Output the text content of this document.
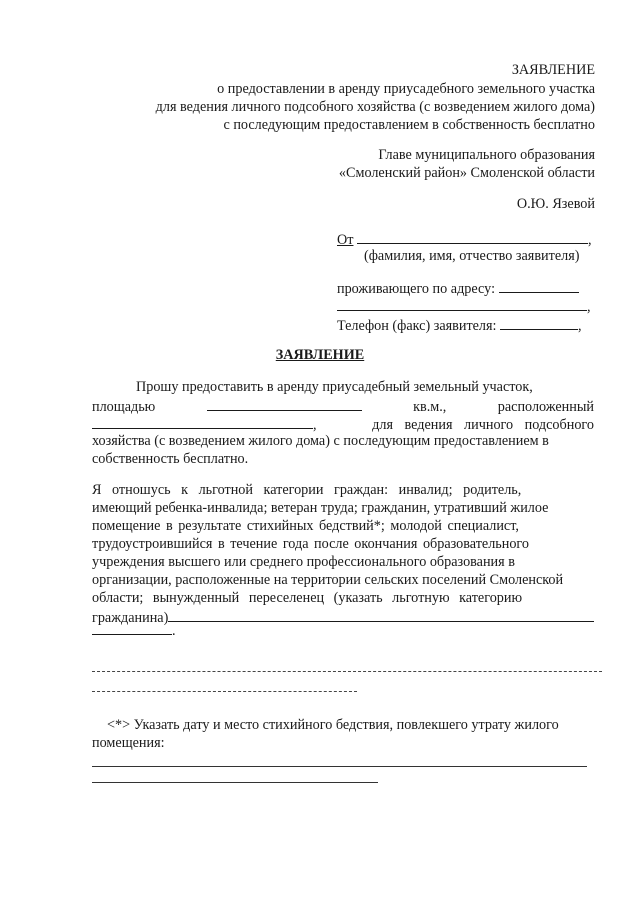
ЗАЯВЛЕНИЕ
о предоставлении в аренду приусадебного земельного участка
для ведения личного подсобного хозяйства (с возведением жилого дома)
с последующим предоставлением в собственность бесплатно
Главе муниципального образования
«Смоленский район» Смоленской области
О.Ю. Язевой
От	,
(фамилия, имя, отчество заявителя)
проживающего по адресу:
,
Телефон (факс) заявителя:	,
ЗАЯВЛЕНИЕ
Прошу предоставить в аренду приусадебный земельный участок,
площадью	кв.м.,	расположенный
,	для ведения личного подсобного
хозяйства (с возведением жилого дома) с последующим предоставлением в
собственность бесплатно.
Я отношусь к льготной категории граждан: инвалид; родитель,
имеющий ребенка-инвалида; ветеран труда; гражданин, утративший жилое
помещение в результате стихийных бедствий*; молодой специалист,
трудоустроившийся в течение года после окончания образовательного
учреждения высшего или среднего профессионального образования в
организации, расположенные на территории сельских поселений Смоленской
области; вынужденный переселенец (указать льготную категорию
гражданина)
.
<*> Указать дату и место стихийного бедствия, повлекшего утрату жилого
помещения:
